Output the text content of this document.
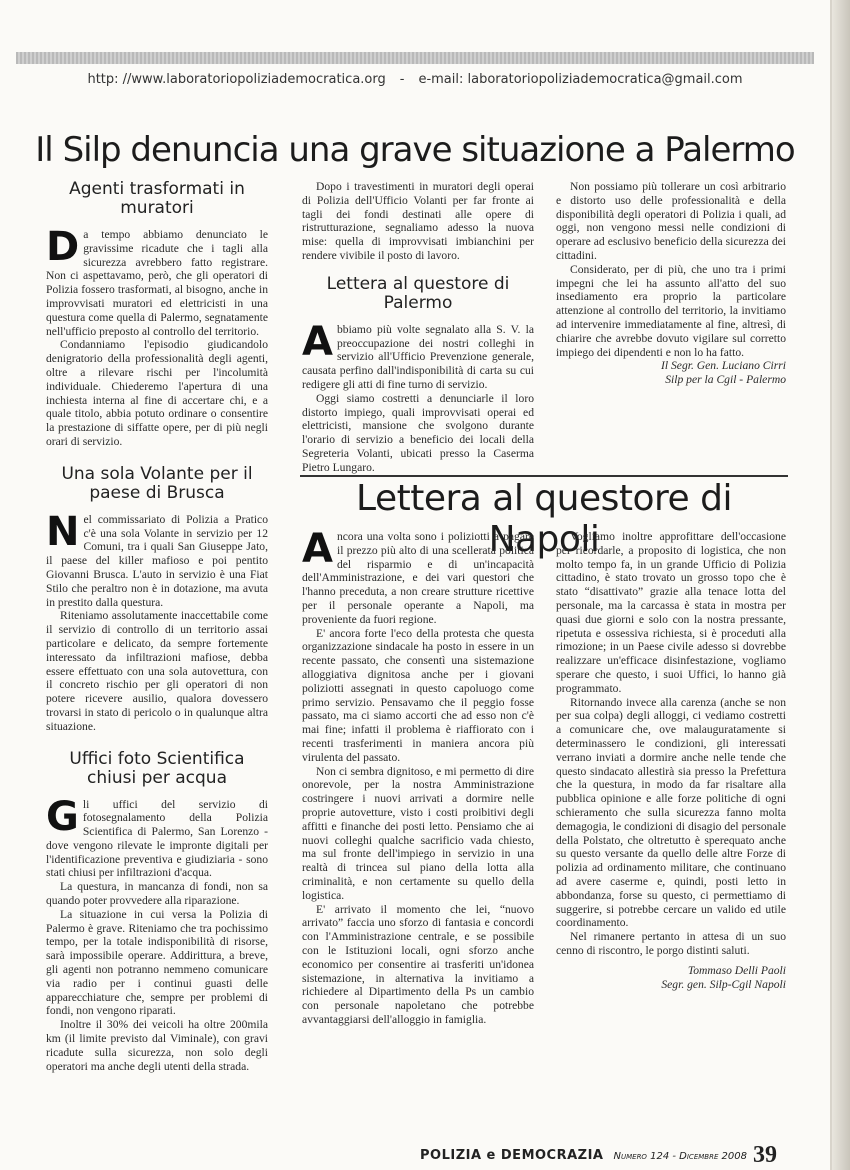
http: //www.laboratoriopoliziademocratica.org - e-mail: laboratoriopoliziademocratica@gmail.com
Il Silp denuncia una grave situazione a Palermo
Agenti trasformati in muratori

Da tempo abbiamo denunciato le gravissime ricadute che i tagli alla sicurezza avrebbero fatto registrare. Non ci aspettavamo, però, che gli operatori di Polizia fossero trasformati, al bisogno, anche in improvvisati muratori ed elettricisti in una questura come quella di Palermo, segnatamente nell'ufficio preposto al controllo del territorio.

Condanniamo l'episodio giudicandolo denigratorio della professionalità degli agenti, oltre a rilevare rischi per l'incolumità individuale. Chiederemo l'apertura di una inchiesta interna al fine di accertare chi, e a quale titolo, abbia potuto ordinare o consentire la prestazione di siffatte opere, per di più negli orari di servizio.

Una sola Volante per il paese di Brusca

Nel commissariato di Polizia a Pratico c'è una sola Volante in servizio per 12 Comuni, tra i quali San Giuseppe Jato, il paese del killer mafioso e poi pentito Giovanni Brusca. L'auto in servizio è una Fiat Stilo che peraltro non è in dotazione, ma avuta in prestito dalla questura.

Riteniamo assolutamente inaccettabile come il servizio di controllo di un territorio assai particolare e delicato, da sempre fortemente interessato da infiltrazioni mafiose, debba essere effettuato con una sola autovettura, con il concreto rischio per gli operatori di non potere ricevere ausilio, qualora dovessero trovarsi in stato di pericolo o in qualunque altra situazione.

Uffici foto Scientifica chiusi per acqua

Gli uffici del servizio di fotosegnalamento della Polizia Scientifica di Palermo, San Lorenzo - dove vengono rilevate le impronte digitali per l'identificazione preventiva e giudiziaria - sono stati chiusi per infiltrazioni d'acqua.

La questura, in mancanza di fondi, non sa quando poter provvedere alla riparazione.

La situazione in cui versa la Polizia di Palermo è grave. Riteniamo che tra pochissimo tempo, per la totale indisponibilità di risorse, sarà impossibile operare. Addirittura, a breve, gli agenti non potranno nemmeno comunicare via radio per i continui guasti delle apparecchiature che, sempre per problemi di fondi, non vengono riparati.

Inoltre il 30% dei veicoli ha oltre 200mila km (il limite previsto dal Viminale), con gravi ricadute sulla sicurezza, non solo degli operatori ma anche degli utenti della strada.

Dopo i travestimenti in muratori degli operai di Polizia dell'Ufficio Volanti per far fronte ai tagli dei fondi destinati alle opere di ristrutturazione, segnaliamo adesso la nuova mise: quella di improvvisati imbianchini per rendere vivibile il posto di lavoro.

Lettera al questore di Palermo

Abbiamo più volte segnalato alla S. V. la preoccupazione dei nostri colleghi in servizio all'Ufficio Prevenzione generale, causata perfino dall'indisponibilità di carta su cui redigere gli atti di fine turno di servizio.

Oggi siamo costretti a denunciarle il loro distorto impiego, quali improvvisati operai ed elettricisti, mansione che svolgono durante l'orario di servizio a beneficio dei locali della Segreteria Volanti, ubicati presso la Caserma Pietro Lungaro.

Non possiamo più tollerare un così arbitrario e distorto uso delle professionalità e della disponibilità degli operatori di Polizia i quali, ad oggi, non vengono messi nelle condizioni di operare ad esclusivo beneficio della sicurezza dei cittadini.

Considerato, per di più, che uno tra i primi impegni che lei ha assunto all'atto del suo insediamento era proprio la particolare attenzione al controllo del territorio, la invitiamo ad intervenire immediatamente al fine, altresì, di chiarire che avrebbe dovuto vigilare sul corretto impiego dei dipendenti e non lo ha fatto.

Il Segr. Gen. Luciano Cirri

Silp per la Cgil - Palermo

Lettera al questore di Napoli

Ancora una volta sono i poliziotti a pagare il prezzo più alto di una scellerata politica del risparmio e di un'incapacità dell'Amministrazione, e dei vari questori che l'hanno preceduta, a non creare strutture ricettive per il personale operante a Napoli, ma proveniente da fuori regione.

E' ancora forte l'eco della protesta che questa organizzazione sindacale ha posto in essere in un recente passato, che consentì una sistemazione alloggiativa dignitosa anche per i giovani poliziotti assegnati in questo capoluogo come primo servizio. Pensavamo che il peggio fosse passato, ma ci siamo accorti che ad esso non c'è mai fine; infatti il problema è riaffiorato con i recenti trasferimenti in maniera ancora più virulenta del passato.

Non ci sembra dignitoso, e mi permetto di dire onorevole, per la nostra Amministrazione costringere i nuovi arrivati a dormire nelle proprie autovetture, visto i costi proibitivi degli affitti e finanche dei posti letto. Pensiamo che ai nuovi colleghi qualche sacrificio vada chiesto, ma sul fronte dell'impiego in servizio in una realtà di trincea sul piano della lotta alla criminalità, e non certamente su quello della logistica.

E' arrivato il momento che lei, “nuovo arrivato” faccia uno sforzo di fantasia e concordi con l'Amministrazione centrale, e se possibile con le Istituzioni locali, ogni sforzo anche economico per consentire ai trasferiti un'idonea sistemazione, in alternativa la invitiamo a richiedere al Dipartimento della Ps un cambio con personale napoletano che potrebbe avvantaggiarsi dell'alloggio in famiglia.

Vogliamo inoltre approfittare dell'occasione per ricordarle, a proposito di logistica, che non molto tempo fa, in un grande Ufficio di Polizia cittadino, è stato trovato un grosso topo che è stato “disattivato” grazie alla tenace lotta del personale, ma la carcassa è stata in mostra per quasi due giorni e solo con la nostra pressante, ripetuta e ossessiva richiesta, si è proceduti alla rimozione; in un Paese civile adesso si dovrebbe realizzare un'efficace disinfestazione, vogliamo sperare che questo, i suoi Uffici, lo hanno già programmato.

Ritornando invece alla carenza (anche se non per sua colpa) degli alloggi, ci vediamo costretti a comunicare che, ove malauguratamente si determinassero le condizioni, gli interessati verrano inviati a dormire anche nelle tende che questo sindacato allestirà sia presso la Prefettura che la questura, in modo da far risaltare alla pubblica opinione e alle forze politiche di ogni schieramento che sulla sicurezza fanno molta demagogia, le condizioni di disagio del personale della Polstato, che oltretutto è sperequato anche su questo versante da quello delle altre Forze di polizia ad ordinamento militare, che continuano ad avere caserme e, quindi, posti letto in abbondanza, forse su questo, ci permettiamo di suggerire, si potrebbe cercare un valido ed utile coordinamento.

Nel rimanere pertanto in attesa di un suo cenno di riscontro, le porgo distinti saluti.

Tommaso Delli Paoli

Segr. gen. Silp-Cgil Napoli

POLIZIA e DEMOCRAZIA Numero 124 - Dicembre 2008 39
